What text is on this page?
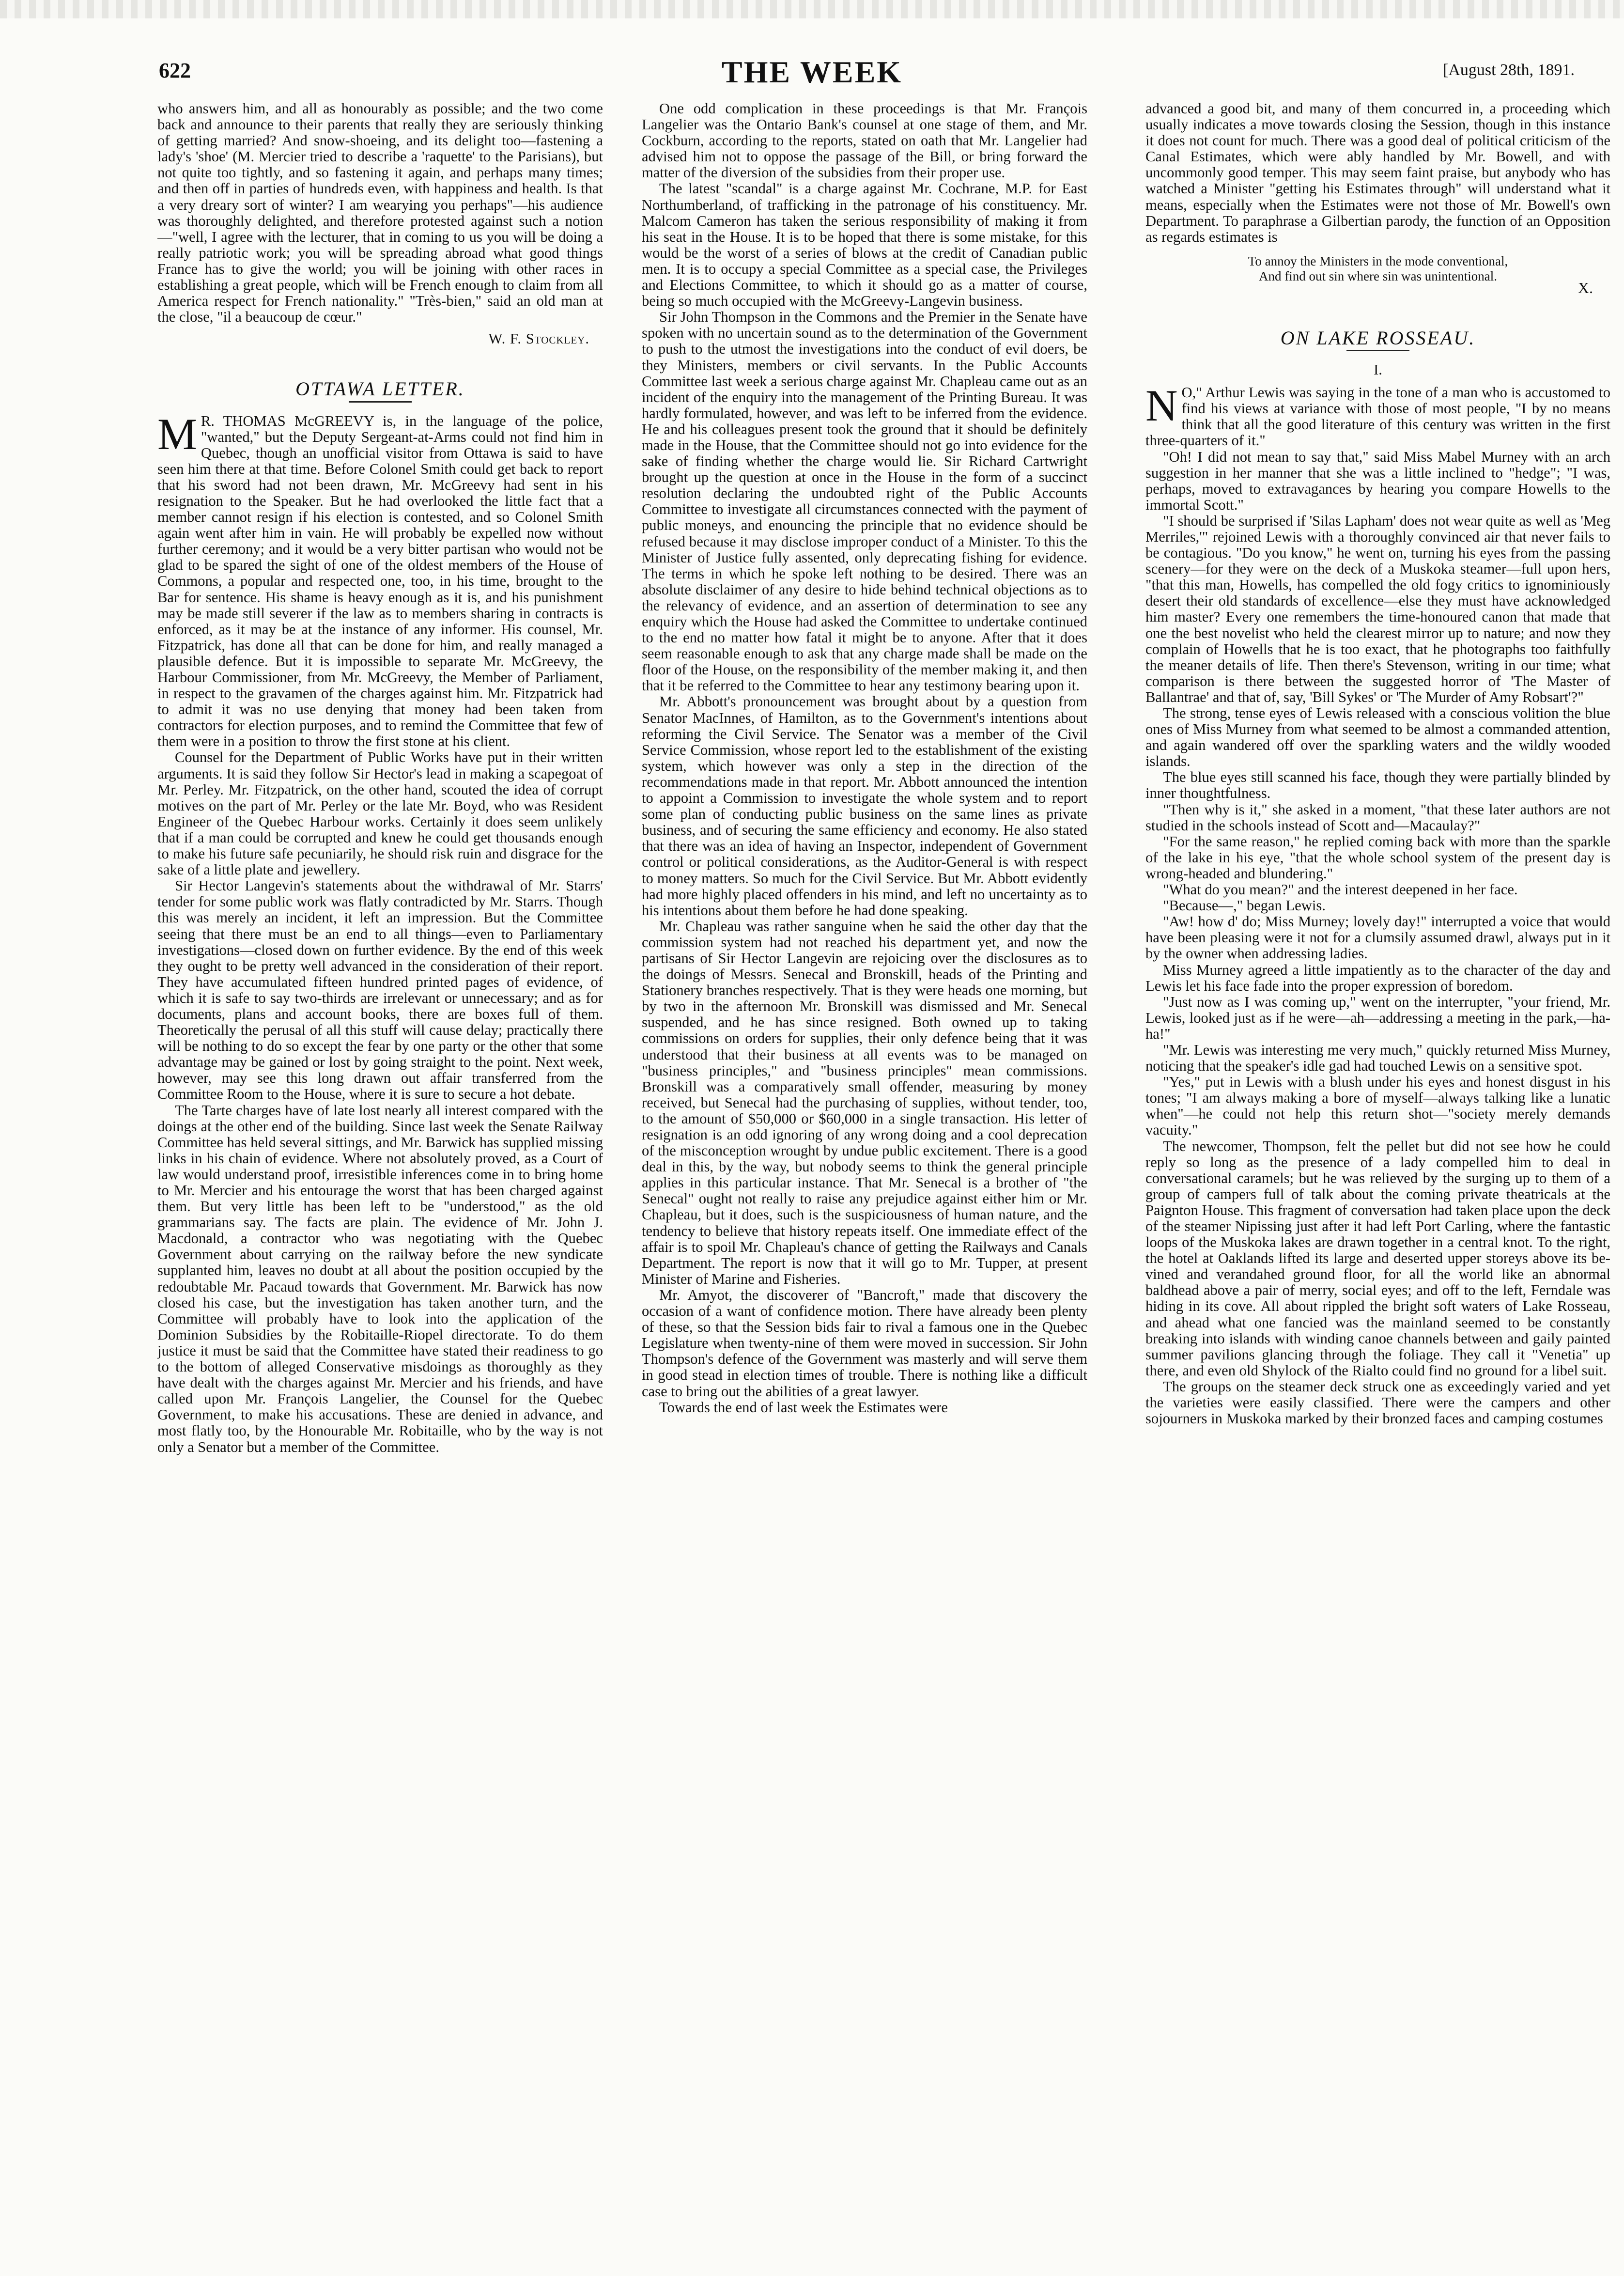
622	THE WEEK	[August 28th, 1891.

who answers him, and all as honourably as possible; and the two come back and announce to their parents that really they are seriously thinking of getting married? And snow-shoeing, and its delight too—fastening a lady's 'shoe' (M. Mercier tried to describe a 'raquette' to the Parisians), but not quite too tightly, and so fastening it again, and perhaps many times; and then off in parties of hundreds even, with happiness and health. Is that a very dreary sort of winter? I am wearying you perhaps"—his audience was thoroughly delighted, and therefore protested against such a notion—"well, I agree with the lecturer, that in coming to us you will be doing a really patriotic work; you will be spreading abroad what good things France has to give the world; you will be joining with other races in establishing a great people, which will be French enough to claim from all America respect for French nationality." "Très-bien," said an old man at the close, "il a beaucoup de cœur."

W. F. Stockley.
OTTAWA LETTER.

M R. THOMAS McGREEVY is, in the language of the police, "wanted," but the Deputy Sergeant-at-Arms could not find him in Quebec, though an unofficial visitor from Ottawa is said to have seen him there at that time. Before Colonel Smith could get back to report that his sword had not been drawn, Mr. McGreevy had sent in his resignation to the Speaker. But he had overlooked the little fact that a member cannot resign if his election is contested, and so Colonel Smith again went after him in vain. He will probably be expelled now without further ceremony; and it would be a very bitter partisan who would not be glad to be spared the sight of one of the oldest members of the House of Commons, a popular and respected one, too, in his time, brought to the Bar for sentence. His shame is heavy enough as it is, and his punishment may be made still severer if the law as to members sharing in contracts is enforced, as it may be at the instance of any informer. His counsel, Mr. Fitzpatrick, has done all that can be done for him, and really managed a plausible defence. But it is impossible to separate Mr. McGreevy, the Harbour Commissioner, from Mr. McGreevy, the Member of Parliament, in respect to the gravamen of the charges against him. Mr. Fitzpatrick had to admit it was no use denying that money had been taken from contractors for election purposes, and to remind the Committee that few of them were in a position to throw the first stone at his client.

Counsel for the Department of Public Works have put in their written arguments. It is said they follow Sir Hector's lead in making a scapegoat of Mr. Perley. Mr. Fitzpatrick, on the other hand, scouted the idea of corrupt motives on the part of Mr. Perley or the late Mr. Boyd, who was Resident Engineer of the Quebec Harbour works. Certainly it does seem unlikely that if a man could be corrupted and knew he could get thousands enough to make his future safe pecuniarily, he should risk ruin and disgrace for the sake of a little plate and jewellery.

Sir Hector Langevin's statements about the withdrawal of Mr. Starrs' tender for some public work was flatly contradicted by Mr. Starrs. Though this was merely an incident, it left an impression. But the Committee seeing that there must be an end to all things—even to Parliamentary investigations—closed down on further evidence. By the end of this week they ought to be pretty well advanced in the consideration of their report. They have accumulated fifteen hundred printed pages of evidence, of which it is safe to say two-thirds are irrelevant or unnecessary; and as for documents, plans and account books, there are boxes full of them. Theoretically the perusal of all this stuff will cause delay; practically there will be nothing to do so except the fear by one party or the other that some advantage may be gained or lost by going straight to the point. Next week, however, may see this long drawn out affair transferred from the Committee Room to the House, where it is sure to secure a hot debate.

The Tarte charges have of late lost nearly all interest compared with the doings at the other end of the building. Since last week the Senate Railway Committee has held several sittings, and Mr. Barwick has supplied missing links in his chain of evidence. Where not absolutely proved, as a Court of law would understand proof, irresistible inferences come in to bring home to Mr. Mercier and his entourage the worst that has been charged against them. But very little has been left to be "understood," as the old grammarians say. The facts are plain. The evidence of Mr. John J. Macdonald, a contractor who was negotiating with the Quebec Government about carrying on the railway before the new syndicate supplanted him, leaves no doubt at all about the position occupied by the redoubtable Mr. Pacaud towards that Government. Mr. Barwick has now closed his case, but the investigation has taken another turn, and the Committee will probably have to look into the application of the Dominion Subsidies by the Robitaille-Riopel directorate. To do them justice it must be said that the Committee have stated their readiness to go to the bottom of alleged Conservative misdoings as thoroughly as they have dealt with the charges against Mr. Mercier and his friends, and have called upon Mr. François Langelier, the Counsel for the Quebec Government, to make his accusations. These are denied in advance, and most flatly too, by the Honourable Mr. Robitaille, who by the way is not only a Senator but a member of the Committee.

One odd complication in these proceedings is that Mr. François Langelier was the Ontario Bank's counsel at one stage of them, and Mr. Cockburn, according to the reports, stated on oath that Mr. Langelier had advised him not to oppose the passage of the Bill, or bring forward the matter of the diversion of the subsidies from their proper use.

The latest "scandal" is a charge against Mr. Cochrane, M.P. for East Northumberland, of trafficking in the patronage of his constituency. Mr. Malcom Cameron has taken the serious responsibility of making it from his seat in the House. It is to be hoped that there is some mistake, for this would be the worst of a series of blows at the credit of Canadian public men. It is to occupy a special Committee as a special case, the Privileges and Elections Committee, to which it should go as a matter of course, being so much occupied with the McGreevy-Langevin business.

Sir John Thompson in the Commons and the Premier in the Senate have spoken with no uncertain sound as to the determination of the Government to push to the utmost the investigations into the conduct of evil doers, be they Ministers, members or civil servants. In the Public Accounts Committee last week a serious charge against Mr. Chapleau came out as an incident of the enquiry into the management of the Printing Bureau. It was hardly formulated, however, and was left to be inferred from the evidence. He and his colleagues present took the ground that it should be definitely made in the House, that the Committee should not go into evidence for the sake of finding whether the charge would lie. Sir Richard Cartwright brought up the question at once in the House in the form of a succinct resolution declaring the undoubted right of the Public Accounts Committee to investigate all circumstances connected with the payment of public moneys, and enouncing the principle that no evidence should be refused because it may disclose improper conduct of a Minister. To this the Minister of Justice fully assented, only deprecating fishing for evidence. The terms in which he spoke left nothing to be desired. There was an absolute disclaimer of any desire to hide behind technical objections as to the relevancy of evidence, and an assertion of determination to see any enquiry which the House had asked the Committee to undertake continued to the end no matter how fatal it might be to anyone. After that it does seem reasonable enough to ask that any charge made shall be made on the floor of the House, on the responsibility of the member making it, and then that it be referred to the Committee to hear any testimony bearing upon it.

Mr. Abbott's pronouncement was brought about by a question from Senator MacInnes, of Hamilton, as to the Government's intentions about reforming the Civil Service. The Senator was a member of the Civil Service Commission, whose report led to the establishment of the existing system, which however was only a step in the direction of the recommendations made in that report. Mr. Abbott announced the intention to appoint a Commission to investigate the whole system and to report some plan of conducting public business on the same lines as private business, and of securing the same efficiency and economy. He also stated that there was an idea of having an Inspector, independent of Government control or political considerations, as the Auditor-General is with respect to money matters. So much for the Civil Service. But Mr. Abbott evidently had more highly placed offenders in his mind, and left no uncertainty as to his intentions about them before he had done speaking.

Mr. Chapleau was rather sanguine when he said the other day that the commission system had not reached his department yet, and now the partisans of Sir Hector Langevin are rejoicing over the disclosures as to the doings of Messrs. Senecal and Bronskill, heads of the Printing and Stationery branches respectively. That is they were heads one morning, but by two in the afternoon Mr. Bronskill was dismissed and Mr. Senecal suspended, and he has since resigned. Both owned up to taking commissions on orders for supplies, their only defence being that it was understood that their business at all events was to be managed on "business principles," and "business principles" mean commissions. Bronskill was a comparatively small offender, measuring by money received, but Senecal had the purchasing of supplies, without tender, too, to the amount of $50,000 or $60,000 in a single transaction. His letter of resignation is an odd ignoring of any wrong doing and a cool deprecation of the misconception wrought by undue public excitement. There is a good deal in this, by the way, but nobody seems to think the general principle applies in this particular instance. That Mr. Senecal is a brother of "the Senecal" ought not really to raise any prejudice against either him or Mr. Chapleau, but it does, such is the suspiciousness of human nature, and the tendency to believe that history repeats itself. One immediate effect of the affair is to spoil Mr. Chapleau's chance of getting the Railways and Canals Department. The report is now that it will go to Mr. Tupper, at present Minister of Marine and Fisheries.

Mr. Amyot, the discoverer of "Bancroft," made that discovery the occasion of a want of confidence motion. There have already been plenty of these, so that the Session bids fair to rival a famous one in the Quebec Legislature when twenty-nine of them were moved in succession. Sir John Thompson's defence of the Government was masterly and will serve them in good stead in election times of trouble. There is nothing like a difficult case to bring out the abilities of a great lawyer.

Towards the end of last week the Estimates were

advanced a good bit, and many of them concurred in, a proceeding which usually indicates a move towards closing the Session, though in this instance it does not count for much. There was a good deal of political criticism of the Canal Estimates, which were ably handled by Mr. Bowell, and with uncommonly good temper. This may seem faint praise, but anybody who has watched a Minister "getting his Estimates through" will understand what it means, especially when the Estimates were not those of Mr. Bowell's own Department. To paraphrase a Gilbertian parody, the function of an Opposition as regards estimates is

To annoy the Ministers in the mode conventional,
And find out sin where sin was unintentional.
X.
ON LAKE ROSSEAU.
I.

N O," Arthur Lewis was saying in the tone of a man who is accustomed to find his views at variance with those of most people, "I by no means think that all the good literature of this century was written in the first three-quarters of it."

"Oh! I did not mean to say that," said Miss Mabel Murney with an arch suggestion in her manner that she was a little inclined to "hedge"; "I was, perhaps, moved to extravagances by hearing you compare Howells to the immortal Scott."

"I should be surprised if 'Silas Lapham' does not wear quite as well as 'Meg Merriles,'" rejoined Lewis with a thoroughly convinced air that never fails to be contagious. "Do you know," he went on, turning his eyes from the passing scenery—for they were on the deck of a Muskoka steamer—full upon hers, "that this man, Howells, has compelled the old fogy critics to ignominiously desert their old standards of excellence—else they must have acknowledged him master? Every one remembers the time-honoured canon that made that one the best novelist who held the clearest mirror up to nature; and now they complain of Howells that he is too exact, that he photographs too faithfully the meaner details of life. Then there's Stevenson, writing in our time; what comparison is there between the suggested horror of 'The Master of Ballantrae' and that of, say, 'Bill Sykes' or 'The Murder of Amy Robsart'?"

The strong, tense eyes of Lewis released with a conscious volition the blue ones of Miss Murney from what seemed to be almost a commanded attention, and again wandered off over the sparkling waters and the wildly wooded islands.

The blue eyes still scanned his face, though they were partially blinded by inner thoughtfulness.

"Then why is it," she asked in a moment, "that these later authors are not studied in the schools instead of Scott and—Macaulay?"

"For the same reason," he replied coming back with more than the sparkle of the lake in his eye, "that the whole school system of the present day is wrong-headed and blundering."

"What do you mean?" and the interest deepened in her face.

"Because—," began Lewis.

"Aw! how d' do; Miss Murney; lovely day!" interrupted a voice that would have been pleasing were it not for a clumsily assumed drawl, always put in it by the owner when addressing ladies.

Miss Murney agreed a little impatiently as to the character of the day and Lewis let his face fade into the proper expression of boredom.

"Just now as I was coming up," went on the interrupter, "your friend, Mr. Lewis, looked just as if he were—ah—addressing a meeting in the park,—ha-ha!"

"Mr. Lewis was interesting me very much," quickly returned Miss Murney, noticing that the speaker's idle gad had touched Lewis on a sensitive spot.

"Yes," put in Lewis with a blush under his eyes and honest disgust in his tones; "I am always making a bore of myself—always talking like a lunatic when"—he could not help this return shot—"society merely demands vacuity."

The newcomer, Thompson, felt the pellet but did not see how he could reply so long as the presence of a lady compelled him to deal in conversational caramels; but he was relieved by the surging up to them of a group of campers full of talk about the coming private theatricals at the Paignton House. This fragment of conversation had taken place upon the deck of the steamer Nipissing just after it had left Port Carling, where the fantastic loops of the Muskoka lakes are drawn together in a central knot. To the right, the hotel at Oaklands lifted its large and deserted upper storeys above its be-vined and verandahed ground floor, for all the world like an abnormal baldhead above a pair of merry, social eyes; and off to the left, Ferndale was hiding in its cove. All about rippled the bright soft waters of Lake Rosseau, and ahead what one fancied was the mainland seemed to be constantly breaking into islands with winding canoe channels between and gaily painted summer pavilions glancing through the foliage. They call it "Venetia" up there, and even old Shylock of the Rialto could find no ground for a libel suit.

The groups on the steamer deck struck one as exceedingly varied and yet the varieties were easily classified. There were the campers and other sojourners in Muskoka marked by their bronzed faces and camping costumes
